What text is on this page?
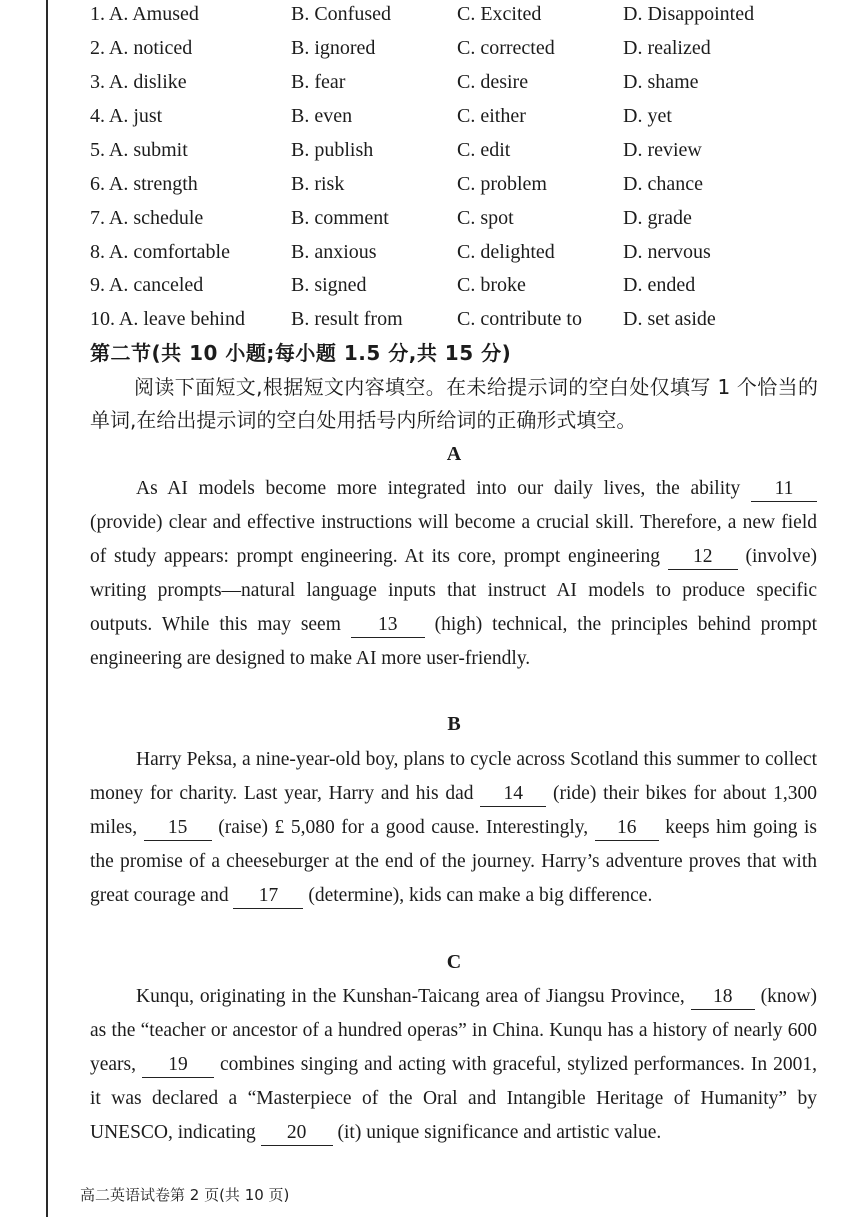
1. A. Amused	B. Confused	C. Excited	D. Disappointed
2. A. noticed	B. ignored	C. corrected	D. realized
3. A. dislike	B. fear	C. desire	D. shame
4. A. just	B. even	C. either	D. yet
5. A. submit	B. publish	C. edit	D. review
6. A. strength	B. risk	C. problem	D. chance
7. A. schedule	B. comment	C. spot	D. grade
8. A. comfortable	B. anxious	C. delighted	D. nervous
9. A. canceled	B. signed	C. broke	D. ended
10. A. leave behind B. result from	C. contribute to D. set aside
第二节(共 10 小题;每小题 1.5 分,共 15 分)
阅读下面短文,根据短文内容填空。在未给提示词的空白处仅填写 1 个恰当的单词,在给出提示词的空白处用括号内所给词的正确形式填空。
A
As AI models become more integrated into our daily lives, the ability 11 (provide) clear and effective instructions will become a crucial skill. Therefore, a new field of study appears: prompt engineering. At its core, prompt engineering 12 (involve) writing prompts—natural language inputs that instruct AI models to produce specific outputs. While this may seem 13 (high) technical, the principles behind prompt engineering are designed to make AI more user-friendly.
B
Harry Peksa, a nine-year-old boy, plans to cycle across Scotland this summer to collect money for charity. Last year, Harry and his dad 14 (ride) their bikes for about 1,300 miles, 15 (raise) £ 5,080 for a good cause. Interestingly, 16 keeps him going is the promise of a cheeseburger at the end of the journey. Harry’s adventure proves that with great courage and 17 (determine), kids can make a big difference.
C
Kunqu, originating in the Kunshan-Taicang area of Jiangsu Province, 18 (know) as the “teacher or ancestor of a hundred operas” in China. Kunqu has a history of nearly 600 years, 19 combines singing and acting with graceful, stylized performances. In 2001, it was declared a “Masterpiece of the Oral and Intangible Heritage of Humanity” by UNESCO, indicating 20 (it) unique significance and artistic value.
高二英语试卷第 2 页(共 10 页)
